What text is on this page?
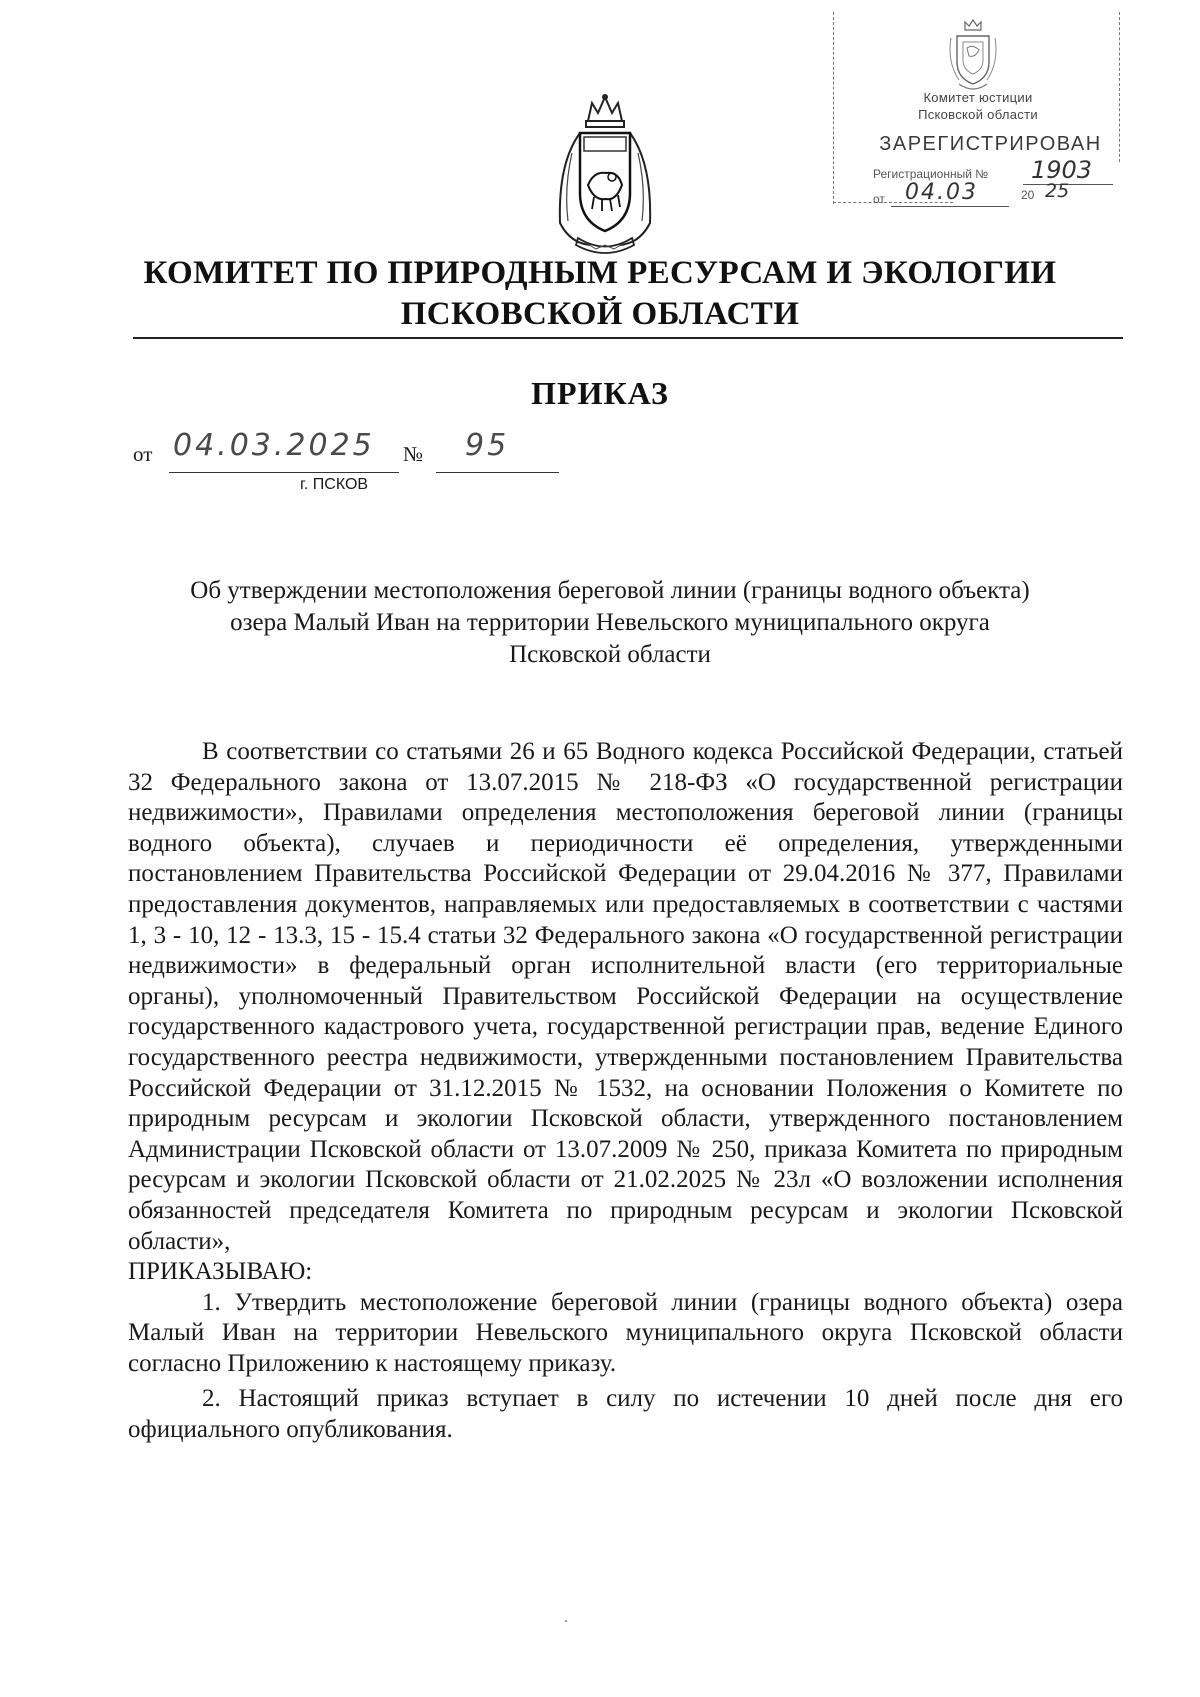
Комитет юстиции
Псковской области
ЗАРЕГИСТРИРОВАН
Регистрационный № 1903
от 04.03	20 25
КОМИТЕТ ПО ПРИРОДНЫМ РЕСУРСАМ И ЭКОЛОГИИ
ПСКОВСКОЙ ОБЛАСТИ
ПРИКАЗ
от 04.03.2025 № 95
г. ПСКОВ
Об утверждении местоположения береговой линии (границы водного объекта)
озера Малый Иван на территории Невельского муниципального округа
Псковской области

В соответствии со статьями 26 и 65 Водного кодекса Российской Федерации, статьей 32 Федерального закона от 13.07.2015 № 218-ФЗ «О государственной регистрации недвижимости», Правилами определения местоположения береговой линии (границы водного объекта), случаев и периодичности её определения, утвержденными постановлением Правительства Российской Федерации от 29.04.2016 № 377, Правилами предоставления документов, направляемых или предоставляемых в соответствии с частями 1, 3 - 10, 12 - 13.3, 15 - 15.4 статьи 32 Федерального закона «О государственной регистрации недвижимости» в федеральный орган исполнительной власти (его территориальные органы), уполномоченный Правительством Российской Федерации на осуществление государственного кадастрового учета, государственной регистрации прав, ведение Единого государственного реестра недвижимости, утвержденными постановлением Правительства Российской Федерации от 31.12.2015 № 1532, на основании Положения о Комитете по природным ресурсам и экологии Псковской области, утвержденного постановлением Администрации Псковской области от 13.07.2009 № 250, приказа Комитета по природным ресурсам и экологии Псковской области от 21.02.2025 № 23л «О возложении исполнения обязанностей председателя Комитета по природным ресурсам и экологии Псковской области»,

ПРИКАЗЫВАЮ:

1. Утвердить местоположение береговой линии (границы водного объекта) озера Малый Иван на территории Невельского муниципального округа Псковской области согласно Приложению к настоящему приказу.

2. Настоящий приказ вступает в силу по истечении 10 дней после дня его официального опубликования.
